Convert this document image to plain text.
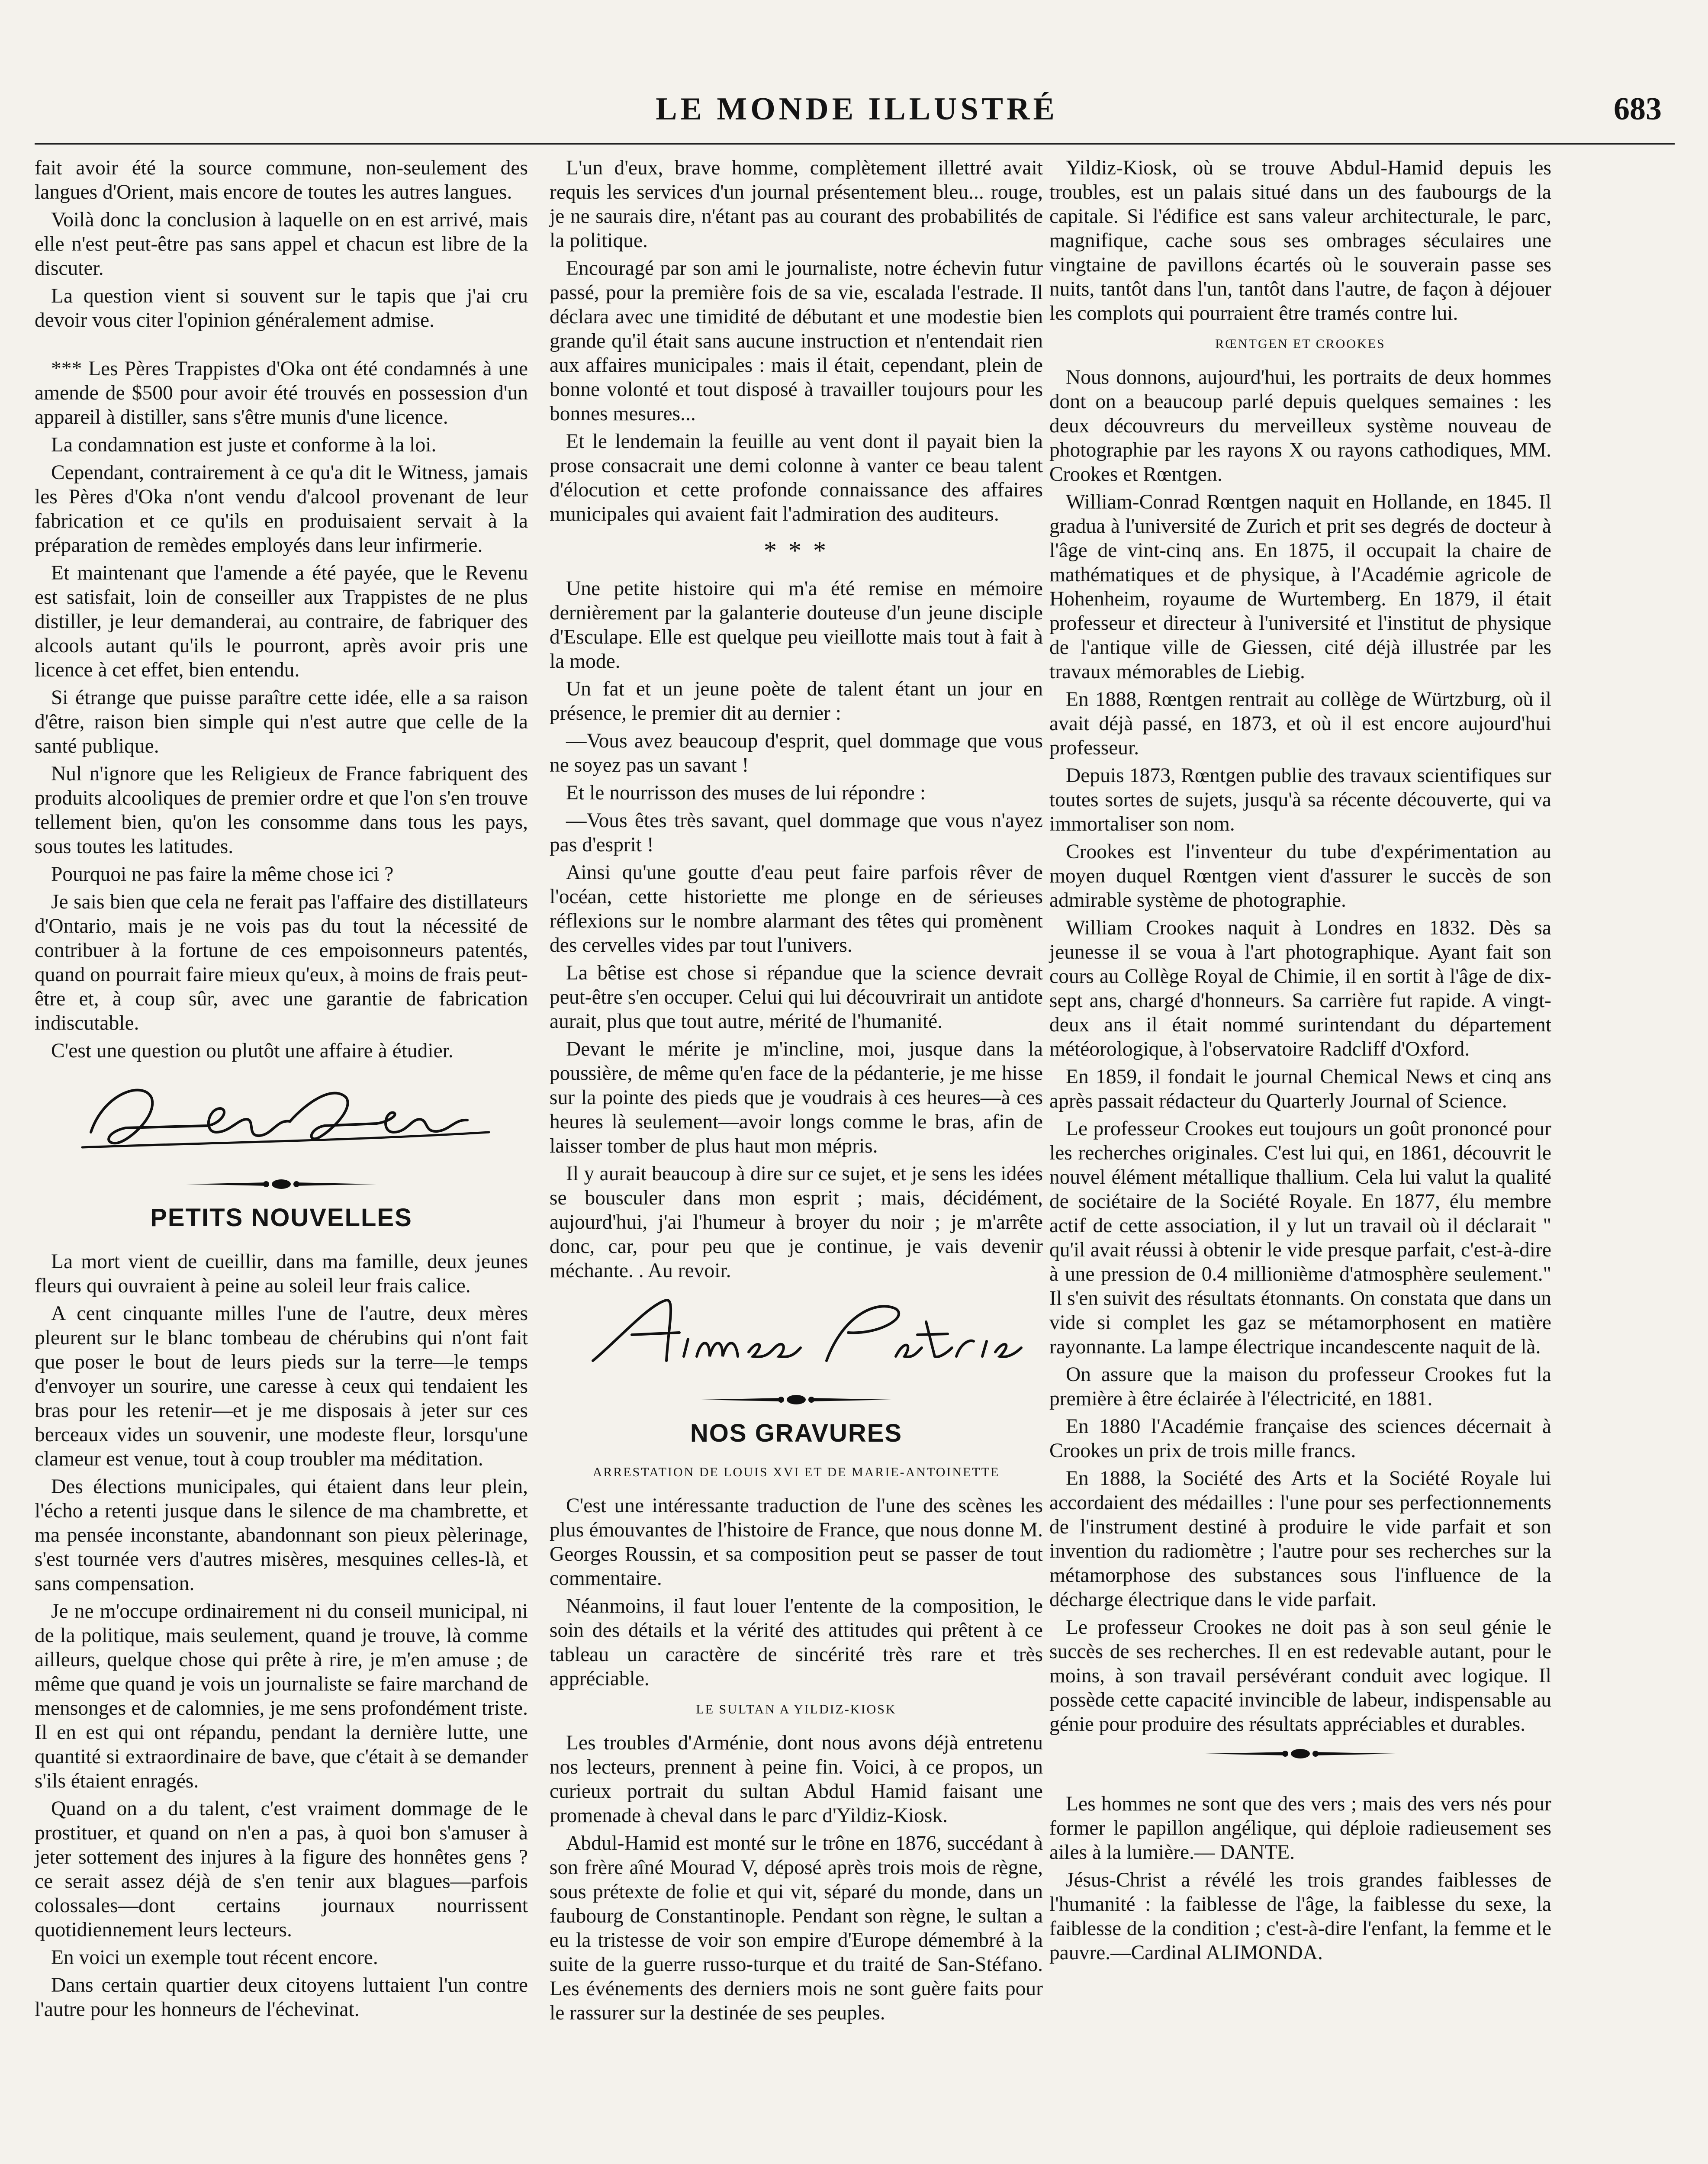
LE MONDE ILLUSTRÉ	683

fait avoir été la source commune, non-seulement des langues d'Orient, mais encore de toutes les autres langues.

Voilà donc la conclusion à laquelle on en est arrivé, mais elle n'est peut-être pas sans appel et chacun est libre de la discuter.

La question vient si souvent sur le tapis que j'ai cru devoir vous citer l'opinion généralement admise.

*** Les Pères Trappistes d'Oka ont été condamnés à une amende de $500 pour avoir été trouvés en possession d'un appareil à distiller, sans s'être munis d'une licence.

La condamnation est juste et conforme à la loi.

Cependant, contrairement à ce qu'a dit le Witness, jamais les Pères d'Oka n'ont vendu d'alcool provenant de leur fabrication et ce qu'ils en produisaient servait à la préparation de remèdes employés dans leur infirmerie.

Et maintenant que l'amende a été payée, que le Revenu est satisfait, loin de conseiller aux Trappistes de ne plus distiller, je leur demanderai, au contraire, de fabriquer des alcools autant qu'ils le pourront, après avoir pris une licence à cet effet, bien entendu.

Si étrange que puisse paraître cette idée, elle a sa raison d'être, raison bien simple qui n'est autre que celle de la santé publique.

Nul n'ignore que les Religieux de France fabriquent des produits alcooliques de premier ordre et que l'on s'en trouve tellement bien, qu'on les consomme dans tous les pays, sous toutes les latitudes.

Pourquoi ne pas faire la même chose ici ?

Je sais bien que cela ne ferait pas l'affaire des distillateurs d'Ontario, mais je ne vois pas du tout la nécessité de contribuer à la fortune de ces empoisonneurs patentés, quand on pourrait faire mieux qu'eux, à moins de frais peut-être et, à coup sûr, avec une garantie de fabrication indiscutable.

C'est une question ou plutôt une affaire à étudier.

PETITS NOUVELLES

La mort vient de cueillir, dans ma famille, deux jeunes fleurs qui ouvraient à peine au soleil leur frais calice.

A cent cinquante milles l'une de l'autre, deux mères pleurent sur le blanc tombeau de chérubins qui n'ont fait que poser le bout de leurs pieds sur la terre—le temps d'envoyer un sourire, une caresse à ceux qui tendaient les bras pour les retenir—et je me disposais à jeter sur ces berceaux vides un souvenir, une modeste fleur, lorsqu'une clameur est venue, tout à coup troubler ma méditation.

Des élections municipales, qui étaient dans leur plein, l'écho a retenti jusque dans le silence de ma chambrette, et ma pensée inconstante, abandonnant son pieux pèlerinage, s'est tournée vers d'autres misères, mesquines celles-là, et sans compensation.

Je ne m'occupe ordinairement ni du conseil municipal, ni de la politique, mais seulement, quand je trouve, là comme ailleurs, quelque chose qui prête à rire, je m'en amuse ; de même que quand je vois un journaliste se faire marchand de mensonges et de calomnies, je me sens profondément triste. Il en est qui ont répandu, pendant la dernière lutte, une quantité si extraordinaire de bave, que c'était à se demander s'ils étaient enragés.

Quand on a du talent, c'est vraiment dommage de le prostituer, et quand on n'en a pas, à quoi bon s'amuser à jeter sottement des injures à la figure des honnêtes gens ? ce serait assez déjà de s'en tenir aux blagues—parfois colossales—dont certains journaux nourrissent quotidiennement leurs lecteurs.

En voici un exemple tout récent encore.

Dans certain quartier deux citoyens luttaient l'un contre l'autre pour les honneurs de l'échevinat.

L'un d'eux, brave homme, complètement illettré avait requis les services d'un journal présentement bleu... rouge, je ne saurais dire, n'étant pas au courant des probabilités de la politique.

Encouragé par son ami le journaliste, notre échevin futur passé, pour la première fois de sa vie, escalada l'estrade. Il déclara avec une timidité de débutant et une modestie bien grande qu'il était sans aucune instruction et n'entendait rien aux affaires municipales : mais il était, cependant, plein de bonne volonté et tout disposé à travailler toujours pour les bonnes mesures...

Et le lendemain la feuille au vent dont il payait bien la prose consacrait une demi colonne à vanter ce beau talent d'élocution et cette profonde connaissance des affaires municipales qui avaient fait l'admiration des auditeurs.

* * *

Une petite histoire qui m'a été remise en mémoire dernièrement par la galanterie douteuse d'un jeune disciple d'Esculape. Elle est quelque peu vieillotte mais tout à fait à la mode.

Un fat et un jeune poète de talent étant un jour en présence, le premier dit au dernier :

—Vous avez beaucoup d'esprit, quel dommage que vous ne soyez pas un savant !

Et le nourrisson des muses de lui répondre :

—Vous êtes très savant, quel dommage que vous n'ayez pas d'esprit !

Ainsi qu'une goutte d'eau peut faire parfois rêver de l'océan, cette historiette me plonge en de sérieuses réflexions sur le nombre alarmant des têtes qui promènent des cervelles vides par tout l'univers.

La bêtise est chose si répandue que la science devrait peut-être s'en occuper. Celui qui lui découvrirait un antidote aurait, plus que tout autre, mérité de l'humanité.

Devant le mérite je m'incline, moi, jusque dans la poussière, de même qu'en face de la pédanterie, je me hisse sur la pointe des pieds que je voudrais à ces heures—à ces heures là seulement—avoir longs comme le bras, afin de laisser tomber de plus haut mon mépris.

Il y aurait beaucoup à dire sur ce sujet, et je sens les idées se bousculer dans mon esprit ; mais, décidément, aujourd'hui, j'ai l'humeur à broyer du noir ; je m'arrête donc, car, pour peu que je continue, je vais devenir méchante. . Au revoir.

NOS GRAVURES
ARRESTATION DE LOUIS XVI ET DE MARIE-ANTOINETTE

C'est une intéressante traduction de l'une des scènes les plus émouvantes de l'histoire de France, que nous donne M. Georges Roussin, et sa composition peut se passer de tout commentaire.

Néanmoins, il faut louer l'entente de la composition, le soin des détails et la vérité des attitudes qui prêtent à ce tableau un caractère de sincérité très rare et très appréciable.

LE SULTAN A YILDIZ-KIOSK

Les troubles d'Arménie, dont nous avons déjà entretenu nos lecteurs, prennent à peine fin. Voici, à ce propos, un curieux portrait du sultan Abdul Hamid faisant une promenade à cheval dans le parc d'Yildiz-Kiosk.

Abdul-Hamid est monté sur le trône en 1876, succédant à son frère aîné Mourad V, déposé après trois mois de règne, sous prétexte de folie et qui vit, séparé du monde, dans un faubourg de Constantinople. Pendant son règne, le sultan a eu la tristesse de voir son empire d'Europe démembré à la suite de la guerre russo-turque et du traité de San-Stéfano. Les événements des derniers mois ne sont guère faits pour le rassurer sur la destinée de ses peuples.

Yildiz-Kiosk, où se trouve Abdul-Hamid depuis les troubles, est un palais situé dans un des faubourgs de la capitale. Si l'édifice est sans valeur architecturale, le parc, magnifique, cache sous ses ombrages séculaires une vingtaine de pavillons écartés où le souverain passe ses nuits, tantôt dans l'un, tantôt dans l'autre, de façon à déjouer les complots qui pourraient être tramés contre lui.

RŒNTGEN ET CROOKES

Nous donnons, aujourd'hui, les portraits de deux hommes dont on a beaucoup parlé depuis quelques semaines : les deux découvreurs du merveilleux système nouveau de photographie par les rayons X ou rayons cathodiques, MM. Crookes et Rœntgen.

William-Conrad Rœntgen naquit en Hollande, en 1845. Il gradua à l'université de Zurich et prit ses degrés de docteur à l'âge de vint-cinq ans. En 1875, il occupait la chaire de mathématiques et de physique, à l'Académie agricole de Hohenheim, royaume de Wurtemberg. En 1879, il était professeur et directeur à l'université et l'institut de physique de l'antique ville de Giessen, cité déjà illustrée par les travaux mémorables de Liebig.

En 1888, Rœntgen rentrait au collège de Würtzburg, où il avait déjà passé, en 1873, et où il est encore aujourd'hui professeur.

Depuis 1873, Rœntgen publie des travaux scientifiques sur toutes sortes de sujets, jusqu'à sa récente découverte, qui va immortaliser son nom.

Crookes est l'inventeur du tube d'expérimentation au moyen duquel Rœntgen vient d'assurer le succès de son admirable système de photographie.

William Crookes naquit à Londres en 1832. Dès sa jeunesse il se voua à l'art photographique. Ayant fait son cours au Collège Royal de Chimie, il en sortit à l'âge de dix-sept ans, chargé d'honneurs. Sa carrière fut rapide. A vingt-deux ans il était nommé surintendant du département météorologique, à l'observatoire Radcliff d'Oxford.

En 1859, il fondait le journal Chemical News et cinq ans après passait rédacteur du Quarterly Journal of Science.

Le professeur Crookes eut toujours un goût prononcé pour les recherches originales. C'est lui qui, en 1861, découvrit le nouvel élément métallique thallium. Cela lui valut la qualité de sociétaire de la Société Royale. En 1877, élu membre actif de cette association, il y lut un travail où il déclarait " qu'il avait réussi à obtenir le vide presque parfait, c'est-à-dire à une pression de 0.4 millionième d'atmosphère seulement." Il s'en suivit des résultats étonnants. On constata que dans un vide si complet les gaz se métamorphosent en matière rayonnante. La lampe électrique incandescente naquit de là.

On assure que la maison du professeur Crookes fut la première à être éclairée à l'électricité, en 1881.

En 1880 l'Académie française des sciences décernait à Crookes un prix de trois mille francs.

En 1888, la Société des Arts et la Société Royale lui accordaient des médailles : l'une pour ses perfectionnements de l'instrument destiné à produire le vide parfait et son invention du radiomètre ; l'autre pour ses recherches sur la métamorphose des substances sous l'influence de la décharge électrique dans le vide parfait.

Le professeur Crookes ne doit pas à son seul génie le succès de ses recherches. Il en est redevable autant, pour le moins, à son travail persévérant conduit avec logique. Il possède cette capacité invincible de labeur, indispensable au génie pour produire des résultats appréciables et durables.

Les hommes ne sont que des vers ; mais des vers nés pour former le papillon angélique, qui déploie radieusement ses ailes à la lumière.— DANTE.

Jésus-Christ a révélé les trois grandes faiblesses de l'humanité : la faiblesse de l'âge, la faiblesse du sexe, la faiblesse de la condition ; c'est-à-dire l'enfant, la femme et le pauvre.—Cardinal ALIMONDA.
